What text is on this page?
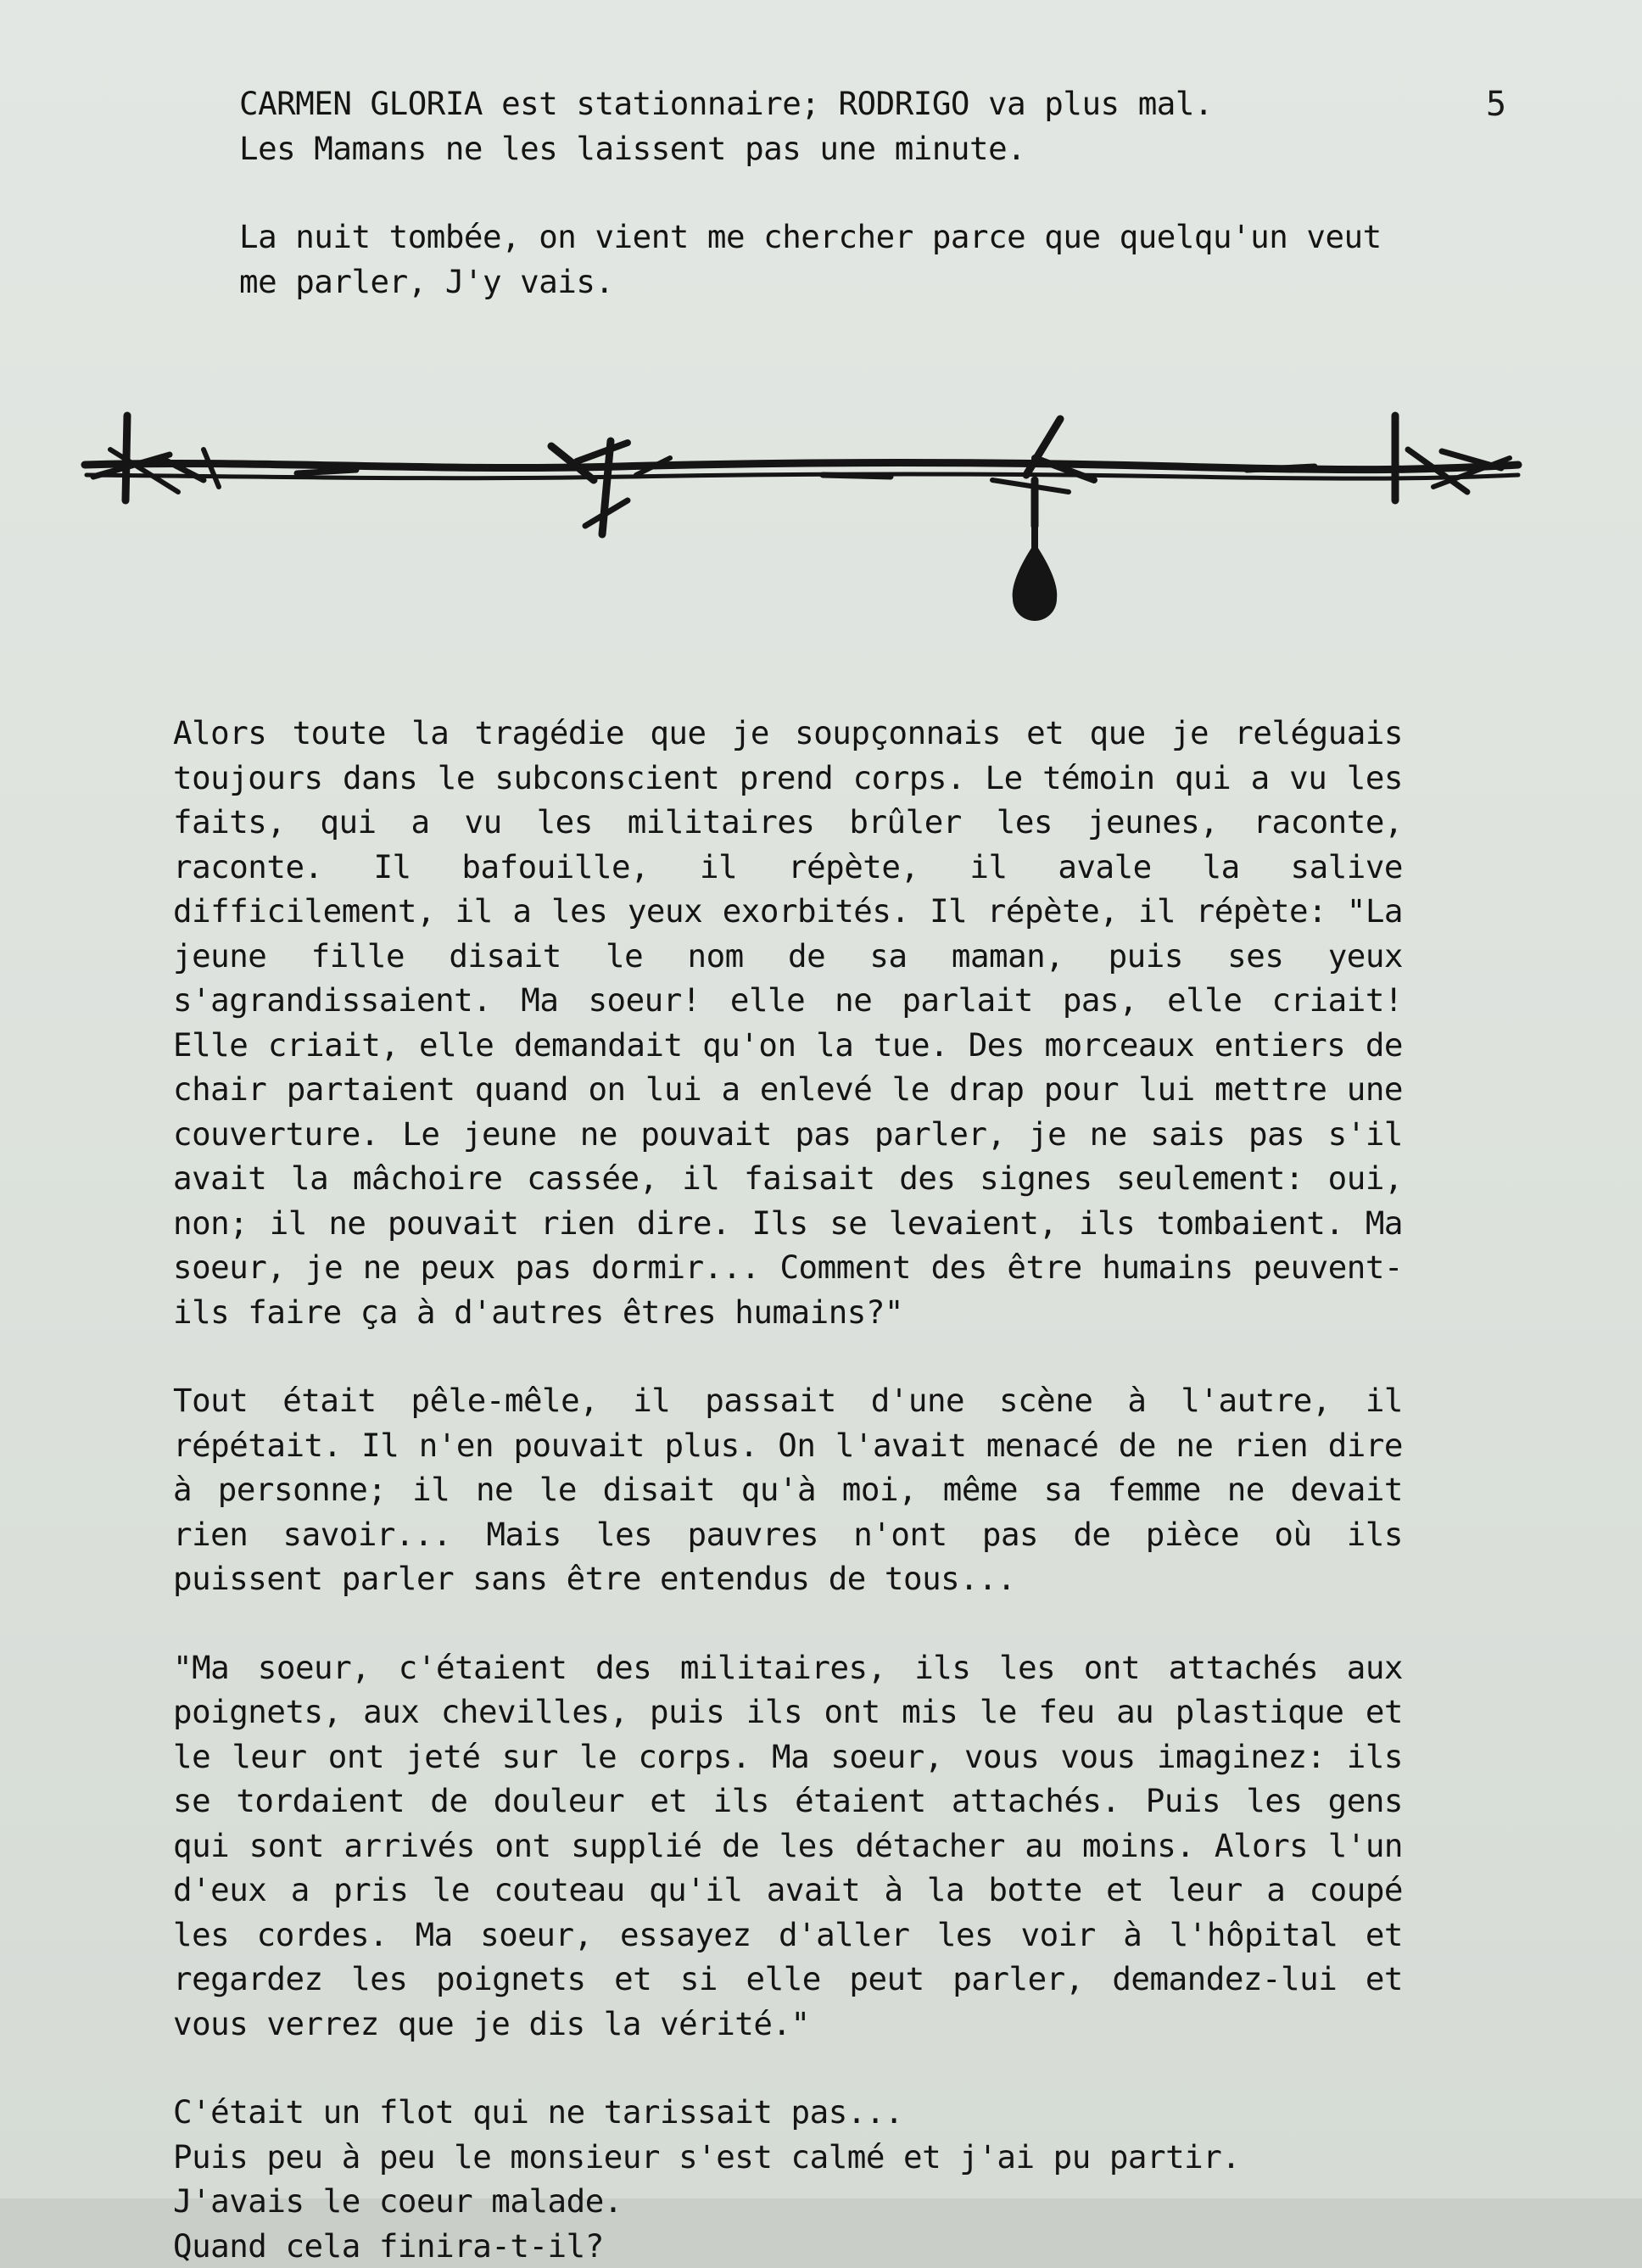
5

CARMEN GLORIA est stationnaire; RODRIGO va plus mal.
Les Mamans ne les laissent pas une minute.

La nuit tombée, on vient me chercher parce que quelqu'un veut
me parler, J'y vais.

Alors toute la tragédie que je soupçonnais et que je reléguais toujours dans le subconscient prend corps. Le témoin qui a vu les faits, qui a vu les militaires brûler les jeunes, raconte, raconte. Il bafouille, il répète, il avale la salive difficilement, il a les yeux exorbités. Il répète, il répète: "La jeune fille disait le nom de sa maman, puis ses yeux s'agrandissaient. Ma soeur! elle ne parlait pas, elle criait! Elle criait, elle demandait qu'on la tue. Des morceaux entiers de chair partaient quand on lui a enlevé le drap pour lui mettre une couverture. Le jeune ne pouvait pas parler, je ne sais pas s'il avait la mâchoire cassée, il faisait des signes seulement: oui, non; il ne pouvait rien dire. Ils se levaient, ils tombaient. Ma soeur, je ne peux pas dormir... Comment des être humains peuvent-ils faire ça à d'autres êtres humains?"

Tout était pêle-mêle, il passait d'une scène à l'autre, il répétait. Il n'en pouvait plus. On l'avait menacé de ne rien dire à personne; il ne le disait qu'à moi, même sa femme ne devait rien savoir... Mais les pauvres n'ont pas de pièce où ils puissent parler sans être entendus de tous...

"Ma soeur, c'étaient des militaires, ils les ont attachés aux poignets, aux chevilles, puis ils ont mis le feu au plastique et le leur ont jeté sur le corps. Ma soeur, vous vous imaginez: ils se tordaient de douleur et ils étaient attachés. Puis les gens qui sont arrivés ont supplié de les détacher au moins. Alors l'un d'eux a pris le couteau qu'il avait à la botte et leur a coupé les cordes. Ma soeur, essayez d'aller les voir à l'hôpital et regardez les poignets et si elle peut parler, demandez-lui et vous verrez que je dis la vérité."

C'était un flot qui ne tarissait pas...
Puis peu à peu le monsieur s'est calmé et j'ai pu partir.
J'avais le coeur malade.
Quand cela finira-t-il?
